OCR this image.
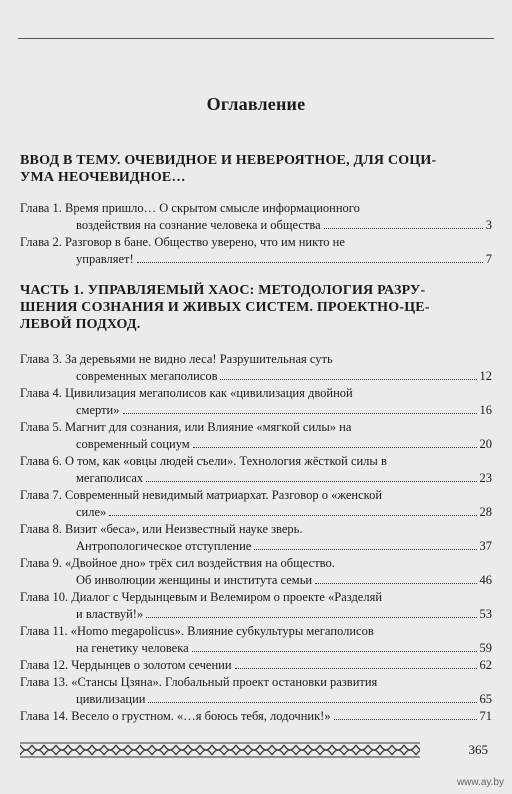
Оглавление
ВВОД В ТЕМУ. ОЧЕВИДНОЕ И НЕВЕРОЯТНОЕ, ДЛЯ СОЦИ-
УМА НЕОЧЕВИДНОЕ…
Глава 1. Время пришло… О скрытом смысле информационного
воздействия на сознание человека и общества	3
Глава 2. Разговор в бане. Общество уверено, что им никто не
управляет!	7
ЧАСТЬ 1. УПРАВЛЯЕМЫЙ ХАОС: МЕТОДОЛОГИЯ РАЗРУ-
ШЕНИЯ СОЗНАНИЯ И ЖИВЫХ СИСТЕМ. ПРОЕКТНО-ЦЕ-
ЛЕВОЙ ПОДХОД.
Глава 3. За деревьями не видно леса! Разрушительная суть
современных мегаполисов	12
Глава 4. Цивилизация мегаполисов как «цивилизация двойной
смерти»	16
Глава 5. Магнит для сознания, или Влияние «мягкой силы» на
современный социум	20
Глава 6. О том, как «овцы людей съели». Технология жёсткой силы в
мегаполисах	23
Глава 7. Современный невидимый матриархат. Разговор о «женской
силе»	28
Глава 8. Визит «беса», или Неизвестный науке зверь.
Антропологическое отступление	37
Глава 9. «Двойное дно» трёх сил воздействия на общество.
Об инволюции женщины и института семьи	46
Глава 10. Диалог с Чердынцевым и Велемиром о проекте «Разделяй
и властвуй!»	53
Глава 11. «Homo megapolicus». Влияние субкультуры мегаполисов
на генетику человека	59
Глава 12. Чердынцев о золотом сечении	62
Глава 13. «Стансы Цзяна». Глобальный проект остановки развития
цивилизации	65
Глава 14. Весело о грустном. «…я боюсь тебя, лодочник!»	71
365
www.ay.by
